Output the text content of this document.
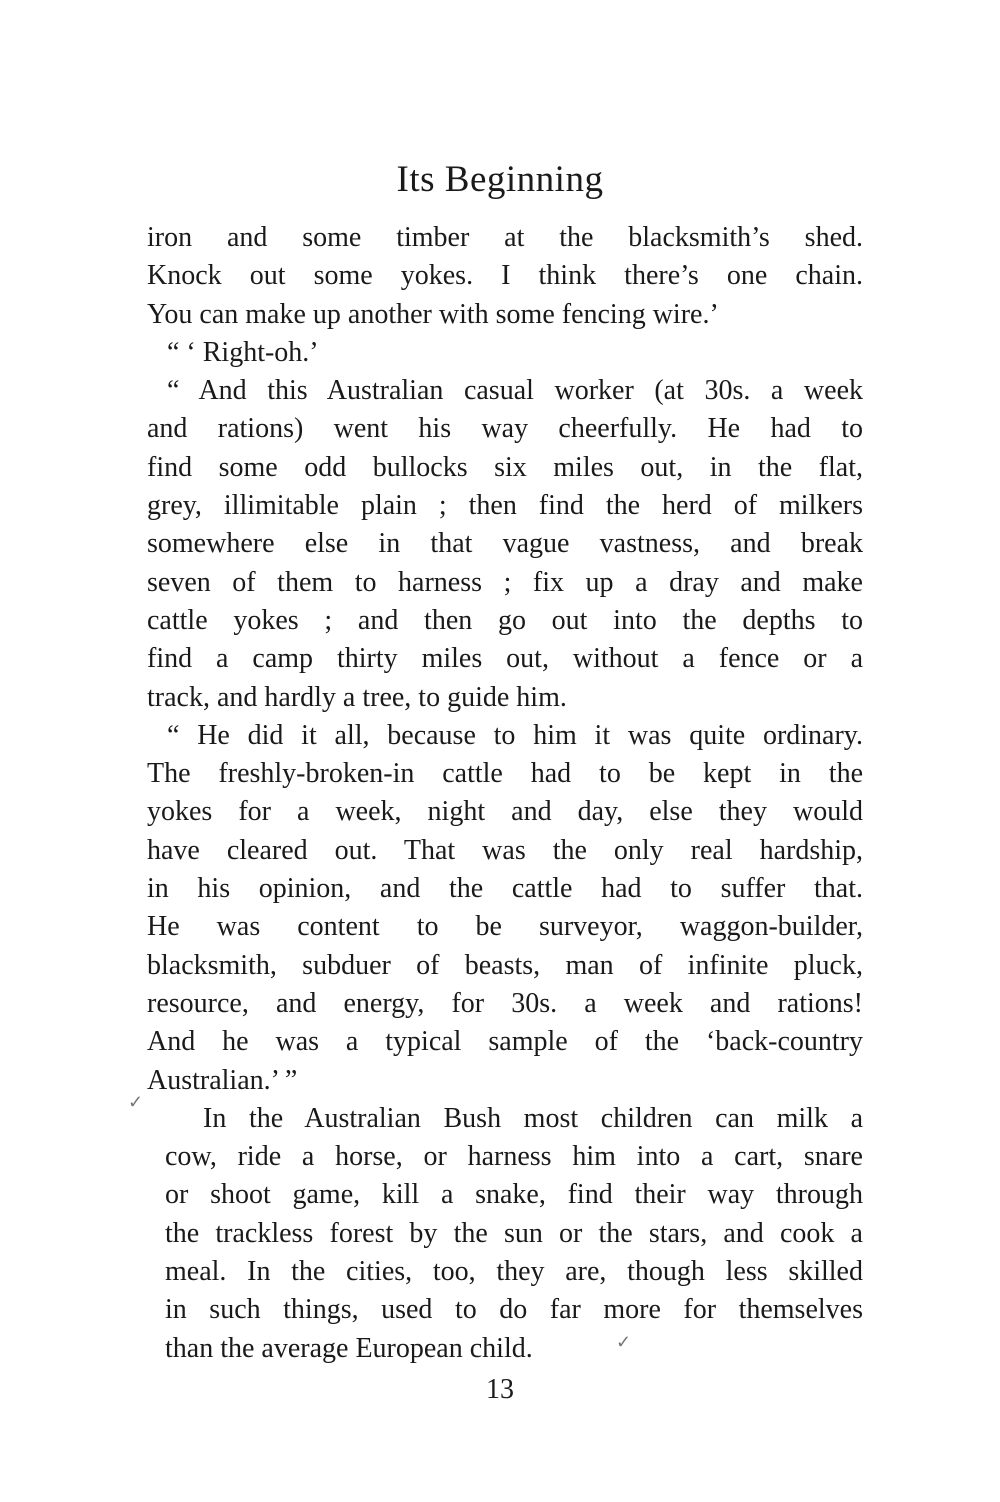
Its Beginning
iron and some timber at the blacksmith’s shed.
Knock out some yokes. I think there’s one chain.
You can make up another with some fencing wire.’
“ ‘ Right-oh.’
“ And this Australian casual worker (at 30s. a week
and rations) went his way cheerfully. He had to
find some odd bullocks six miles out, in the flat,
grey, illimitable plain ; then find the herd of milkers
somewhere else in that vague vastness, and break
seven of them to harness ; fix up a dray and make
cattle yokes ; and then go out into the depths to
find a camp thirty miles out, without a fence or a
track, and hardly a tree, to guide him.
“ He did it all, because to him it was quite ordinary.
The freshly-broken-in cattle had to be kept in the
yokes for a week, night and day, else they would
have cleared out. That was the only real hardship,
in his opinion, and the cattle had to suffer that.
He was content to be surveyor, waggon-builder,
blacksmith, subduer of beasts, man of infinite pluck,
resource, and energy, for 30s. a week and rations!
And he was a typical sample of the ‘back-country
Australian.’ ”
In the Australian Bush most children can milk a
cow, ride a horse, or harness him into a cart, snare
or shoot game, kill a snake, find their way through
the trackless forest by the sun or the stars, and cook a
meal. In the cities, too, they are, though less skilled
in such things, used to do far more for themselves
than the average European child.
✓
✓
13
